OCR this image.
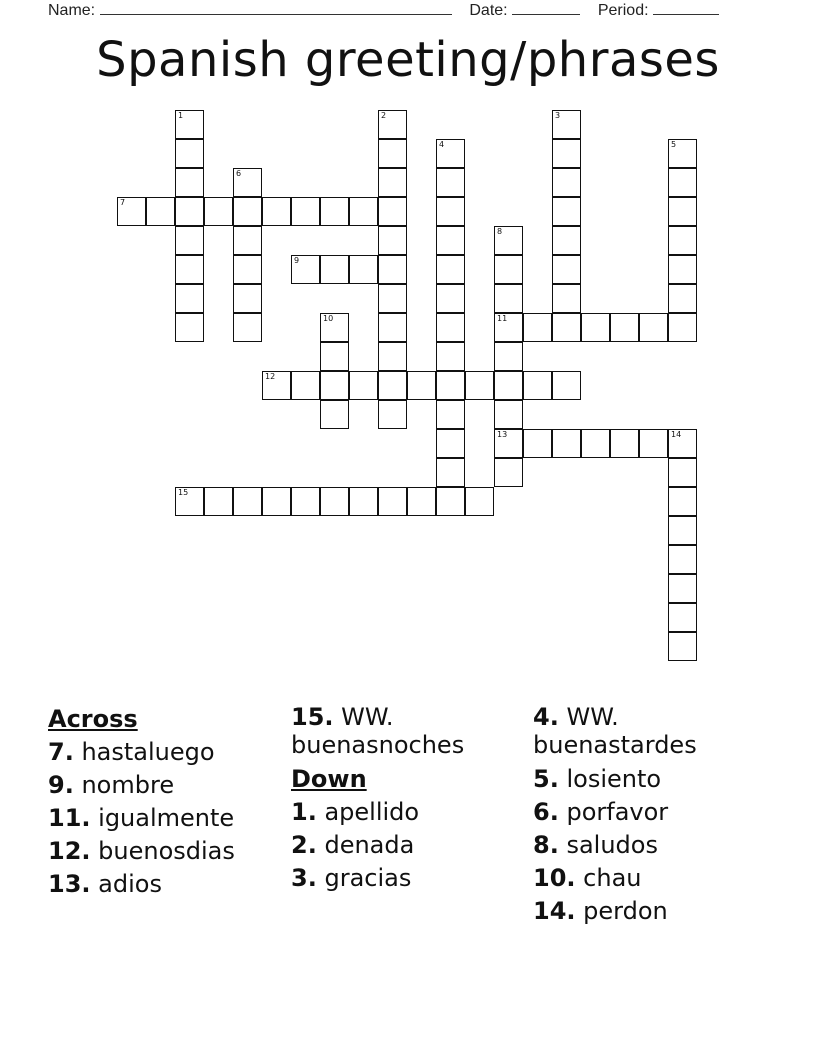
Name:	Date:	Period:
Spanish greeting/phrases
1	2	3
4	5
6
7
8
11
13
9
10
12
14
15
Across
7. hastaluego
9. nombre
11. igualmente
12. buenosdias
13. adios
15. WW. buenasnoches
Down
1. apellido
2. denada
3. gracias
4. WW. buenastardes
5. losiento
6. porfavor
8. saludos
10. chau
14. perdon
